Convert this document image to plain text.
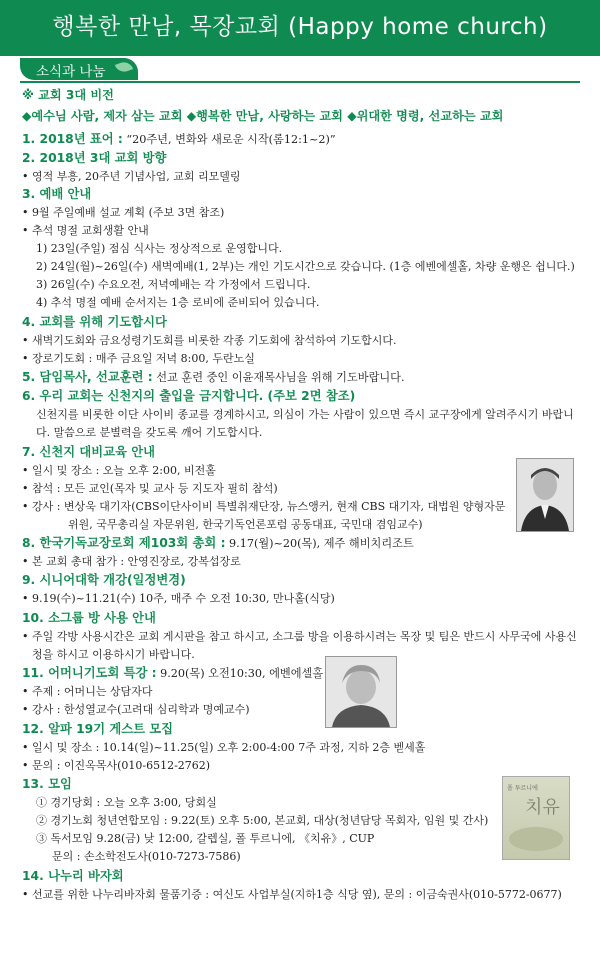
행복한 만남, 목장교회 (Happy home church)
소식과 나눔
※ 교회 3대 비전
◆예수님 사람, 제자 삼는 교회 ◆행복한 만남, 사랑하는 교회 ◆위대한 명령, 선교하는 교회
1. 2018년 표어 : “20주년, 변화와 새로운 시작(롬12:1~2)”
2. 2018년 3대 교회 방향
• 영적 부흥, 20주년 기념사업, 교회 리모델링
3. 예배 안내
• 9월 주일예배 설교 계획 (주보 3면 참조)
• 추석 명절 교회생활 안내
1) 23일(주일) 점심 식사는 정상적으로 운영합니다.
2) 24일(월)~26일(수) 새벽예배(1, 2부)는 개인 기도시간으로 갖습니다. (1층 에벤에셀홀, 차량 운행은 쉽니다.)
3) 26일(수) 수요오전, 저녁예배는 각 가정에서 드립니다.
4) 추석 명절 예배 순서지는 1층 로비에 준비되어 있습니다.
4. 교회를 위해 기도합시다
• 새벽기도회와 금요성령기도회를 비롯한 각종 기도회에 참석하여 기도합시다.
• 장로기도회 : 매주 금요일 저녁 8:00, 두란노실
5. 담임목사, 선교훈련 : 선교 훈련 중인 이윤재목사님을 위해 기도바랍니다.
6. 우리 교회는 신천지의 출입을 금지합니다. (주보 2면 참조)
신천지를 비롯한 이단 사이비 종교를 경계하시고, 의심이 가는 사람이 있으면 즉시 교구장에게 알려주시기 바랍니
다. 말씀으로 분별력을 갖도록 깨어 기도합시다.
7. 신천지 대비교육 안내
• 일시 및 장소 : 오늘 오후 2:00, 비전홀
• 참석 : 모든 교인(목자 및 교사 등 지도자 필히 참석)
• 강사 : 변상욱 대기자(CBS이단사이비 특별취재단장, 뉴스앵커, 현재 CBS 대기자, 대법원 양형자문
위원, 국무총리실 자문위원, 한국기독언론포럼 공동대표, 국민대 겸임교수)
8. 한국기독교장로회 제103회 총회 : 9.17(월)~20(목), 제주 해비치리조트
• 본 교회 총대 참가 : 안영진장로, 강복섭장로
9. 시니어대학 개강(일정변경)
• 9.19(수)~11.21(수) 10주, 매주 수 오전 10:30, 만나홀(식당)
10. 소그룹 방 사용 안내
• 주일 각방 사용시간은 교회 게시판을 참고 하시고, 소그룹 방을 이용하시려는 목장 및 팀은 반드시 사무국에 사용신
청을 하시고 이용하시기 바랍니다.
11. 어머니기도회 특강 : 9.20(목) 오전10:30, 에벤에셀홀
• 주제 : 어머니는 상담자다
• 강사 : 한성열교수(고려대 심리학과 명예교수)
12. 알파 19기 게스트 모집
• 일시 및 장소 : 10.14(일)~11.25(일) 오후 2:00-4:00 7주 과정, 지하 2층 벧세홀
• 문의 : 이진옥목사(010-6512-2762)
13. 모임
① 경기당회 : 오늘 오후 3:00, 당회실
② 경기노회 청년연합모임 : 9.22(토) 오후 5:00, 본교회, 대상(청년담당 목회자, 임원 및 간사)
③ 독서모임 9.28(금) 낮 12:00, 갈렙실, 폴 투르니에, 《치유》, CUP
문의 : 손소학전도사(010-7273-7586)
14. 나누리 바자회
• 선교를 위한 나누리바자회 물품기증 : 여신도 사업부실(지하1층 식당 옆), 문의 : 이금숙권사(010-5772-0677)
폴 투르니에
치유
